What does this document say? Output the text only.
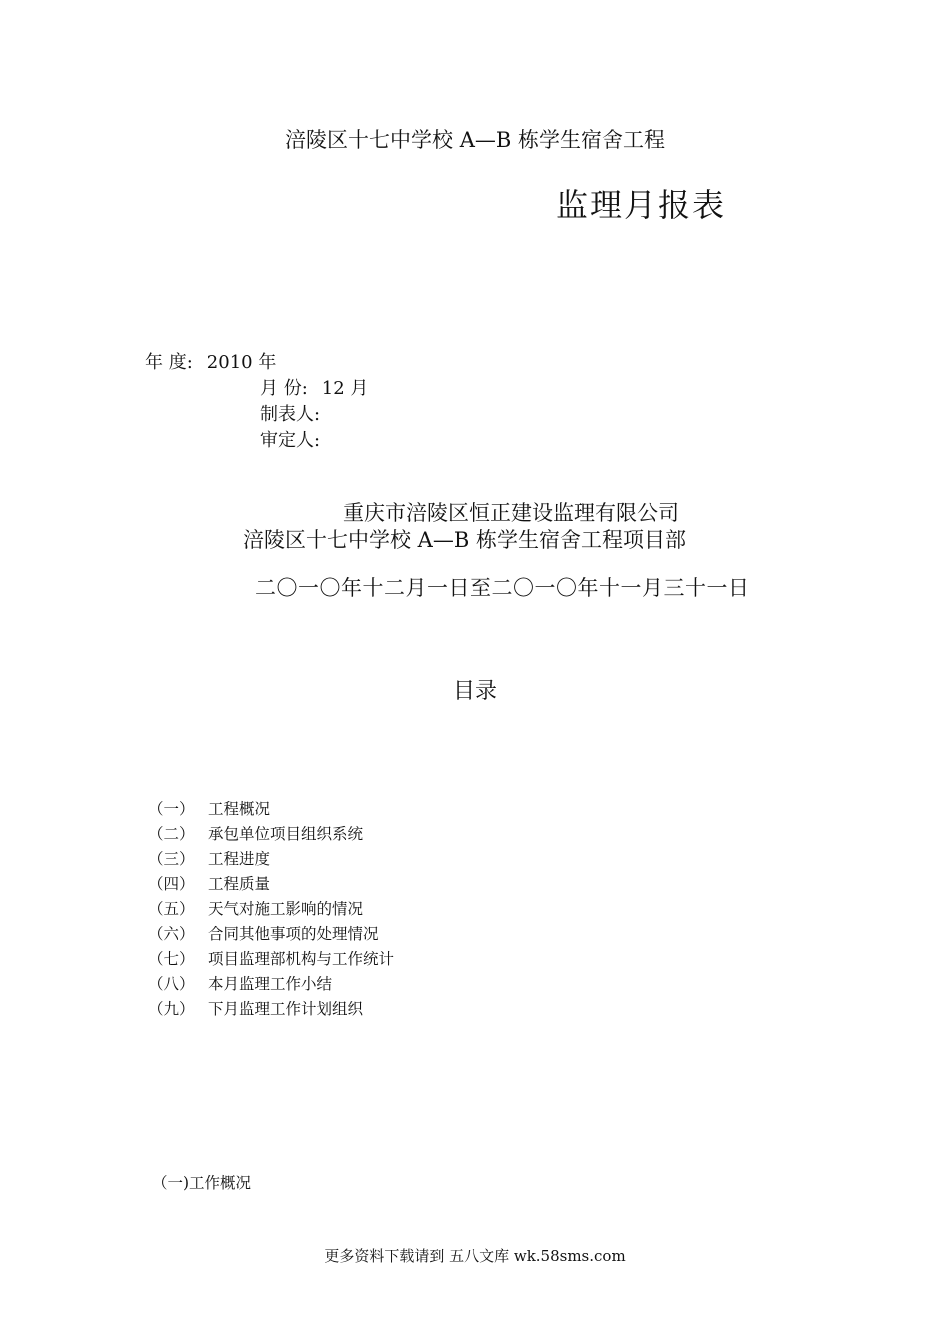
涪陵区十七中学校 A—B 栋学生宿舍工程
监理月报表
年 度: 2010 年
月 份: 12 月
制表人:
审定人:
重庆市涪陵区恒正建设监理有限公司
涪陵区十七中学校 A—B 栋学生宿舍工程项目部
二〇一〇年十二月一日至二〇一〇年十一月三十一日
目录
（一） 工程概况
（二） 承包单位项目组织系统
（三） 工程进度
（四） 工程质量
（五） 天气对施工影响的情况
（六） 合同其他事项的处理情况
（七） 项目监理部机构与工作统计
（八） 本月监理工作小结
（九） 下月监理工作计划组织
（一)工作概况
更多资料下载请到 五八文库 wk.58sms.com
